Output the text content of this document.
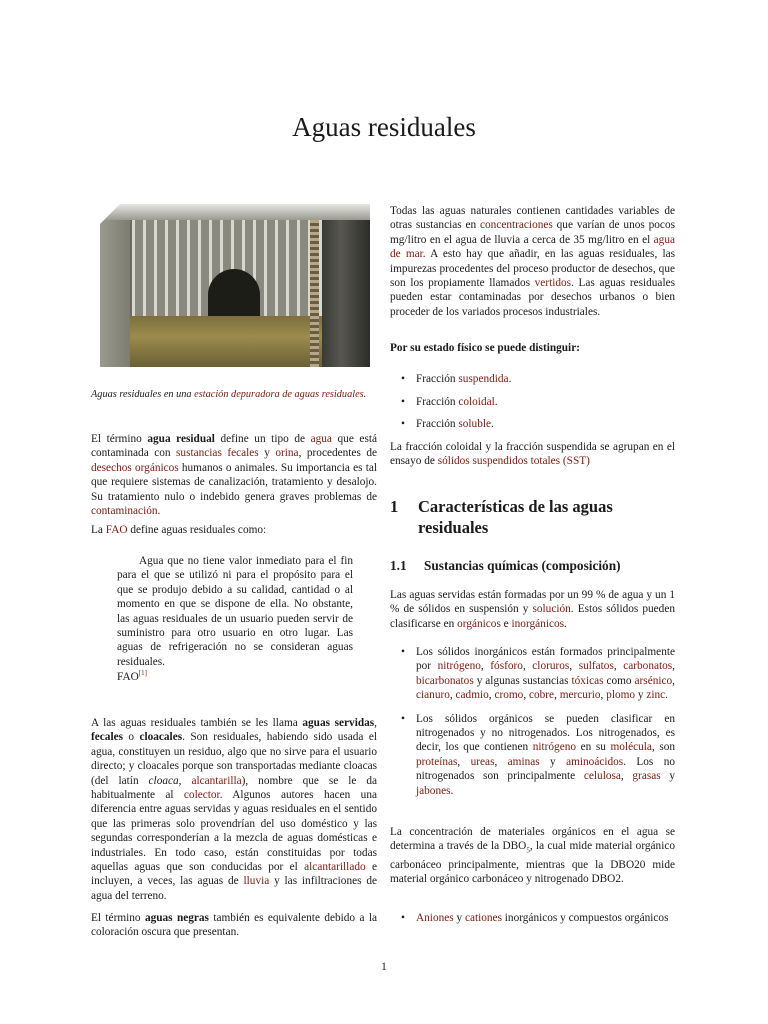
Aguas residuales

Aguas residuales en una estación depuradora de aguas residuales.

El término agua residual define un tipo de agua que está contaminada con sustancias fecales y orina, procedentes de desechos orgánicos humanos o animales. Su importancia es tal que requiere sistemas de canalización, tratamiento y desalojo. Su tratamiento nulo o indebido genera graves problemas de contaminación.

La FAO define aguas residuales como:

Agua que no tiene valor inmediato para el fin para el que se utilizó ni para el propósito para el que se produjo debido a su calidad, cantidad o al momento en que se dispone de ella. No obstante, las aguas residuales de un usuario pueden servir de suministro para otro usuario en otro lugar. Las aguas de refrigeración no se consideran aguas residuales.

FAO[1]

A las aguas residuales también se les llama aguas servidas, fecales o cloacales. Son residuales, habiendo sido usada el agua, constituyen un residuo, algo que no sirve para el usuario directo; y cloacales porque son transportadas mediante cloacas (del latín cloaca, alcantarilla), nombre que se le da habitualmente al colector. Algunos autores hacen una diferencia entre aguas servidas y aguas residuales en el sentido que las primeras solo provendrían del uso doméstico y las segundas corresponderían a la mezcla de aguas domésticas e industriales. En todo caso, están constituidas por todas aquellas aguas que son conducidas por el alcantarillado e incluyen, a veces, las aguas de lluvia y las infiltraciones de agua del terreno.

El término aguas negras también es equivalente debido a la coloración oscura que presentan.

Todas las aguas naturales contienen cantidades variables de otras sustancias en concentraciones que varían de unos pocos mg/litro en el agua de lluvia a cerca de 35 mg/litro en el agua de mar. A esto hay que añadir, en las aguas residuales, las impurezas procedentes del proceso productor de desechos, que son los propiamente llamados vertidos. Las aguas residuales pueden estar contaminadas por desechos urbanos o bien proceder de los variados procesos industriales.

Por su estado físico se puede distinguir:

• Fracción suspendida.
• Fracción coloidal.
• Fracción soluble.

La fracción coloidal y la fracción suspendida se agrupan en el ensayo de sólidos suspendidos totales (SST)

1	Características de las aguas residuales
1.1 Sustancias químicas (composición)

Las aguas servidas están formadas por un 99 % de agua y un 1 % de sólidos en suspensión y solución. Estos sólidos pueden clasificarse en orgánicos e inorgánicos.

• Los sólidos inorgánicos están formados principalmente por nitrógeno, fósforo, cloruros, sulfatos, carbonatos, bicarbonatos y algunas sustancias tóxicas como arsénico, cianuro, cadmio, cromo, cobre, mercurio, plomo y zinc.
• Los sólidos orgánicos se pueden clasificar en nitrogenados y no nitrogenados. Los nitrogenados, es decir, los que contienen nitrógeno en su molécula, son proteínas, ureas, aminas y aminoácidos. Los no nitrogenados son principalmente celulosa, grasas y jabones.

La concentración de materiales orgánicos en el agua se determina a través de la $DBO_5$, la cual mide material orgánico carbonáceo principalmente, mientras que la DBO20 mide material orgánico carbonáceo y nitrogenado DBO2.

• Aniones y cationes inorgánicos y compuestos orgánicos

1
